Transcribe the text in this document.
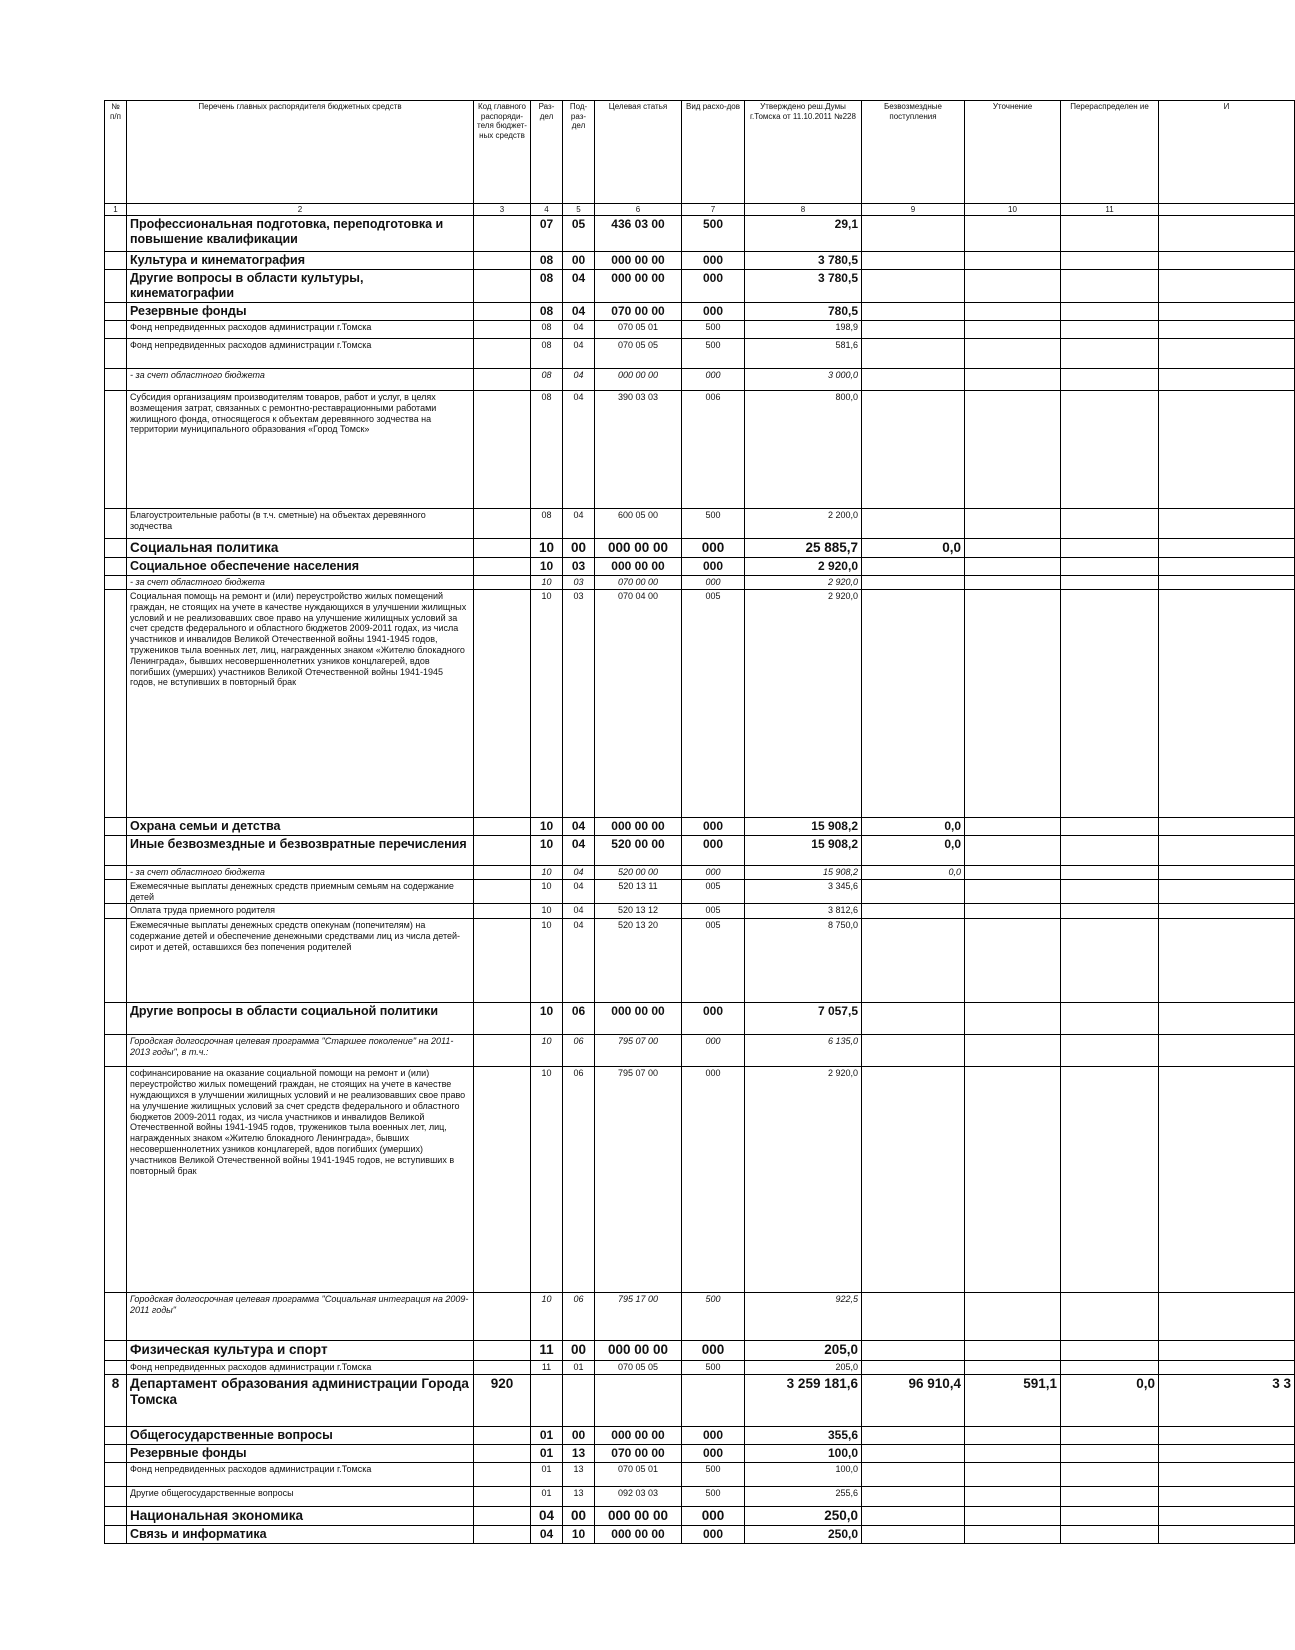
№ п/п	Перечень главных распорядителя бюджетных средств	Код главного распоряди-теля бюджет-ных средств	Раз-дел	Под-раз-дел	Целевая статья	Вид расхо-дов	Утверждено реш.Думы г.Томска от 11.10.2011 №228	Безвозмездные поступления	Уточнение	Перераспределен ие	И
1	2	3	4	5	6	7	8	9	10	11	
	Профессиональная подготовка, переподготовка и повышение квалификации		07	05	436 03 00	500	29,1				
	Культура и кинематография		08	00	000 00 00	000	3 780,5				
	Другие вопросы в области культуры, кинематографии		08	04	000 00 00	000	3 780,5				
	Резервные фонды		08	04	070 00 00	000	780,5				
	Фонд непредвиденных расходов администрации г.Томска		08	04	070 05 01	500	198,9				
	Фонд непредвиденных расходов администрации г.Томска		08	04	070 05 05	500	581,6				
	- за счет областного бюджета		08	04	000 00 00	000	3 000,0				
	Субсидия организациям производителям товаров, работ и услуг, в целях возмещения затрат, связанных с ремонтно-реставрационными работами жилищного фонда, относящегося к объектам деревянного зодчества на территории муниципального образования «Город Томск»		08	04	390 03 03	006	800,0				
	Благоустроительные работы (в т.ч. сметные) на объектах деревянного зодчества		08	04	600 05 00	500	2 200,0				
	Социальная политика		10	00	000 00 00	000	25 885,7	0,0			
	Социальное обеспечение населения		10	03	000 00 00	000	2 920,0				
	- за счет областного бюджета		10	03	070 00 00	000	2 920,0				
	Социальная помощь на ремонт и (или) переустройство жилых помещений граждан, не стоящих на учете в качестве нуждающихся в улучшении жилищных условий и не реализовавших свое право на улучшение жилищных условий за счет средств федерального и областного бюджетов 2009-2011 годах, из числа участников и инвалидов Великой Отечественной войны 1941-1945 годов, тружеников тыла военных лет, лиц, награжденных знаком «Жителю блокадного Ленинграда», бывших несовершеннолетних узников концлагерей, вдов погибших (умерших) участников Великой Отечественной войны 1941-1945 годов, не вступивших в повторный брак		10	03	070 04 00	005	2 920,0				
	Охрана семьи и детства		10	04	000 00 00	000	15 908,2	0,0			
	Иные безвозмездные и безвозвратные перечисления		10	04	520 00 00	000	15 908,2	0,0			
	- за счет областного бюджета		10	04	520 00 00	000	15 908,2	0,0			
	Ежемесячные выплаты денежных средств приемным семьям на содержание детей		10	04	520 13 11	005	3 345,6				
	Оплата труда приемного родителя		10	04	520 13 12	005	3 812,6				
	Ежемесячные выплаты денежных средств опекунам (попечителям) на содержание детей и обеспечение денежными средствами лиц из числа детей-сирот и детей, оставшихся без попечения родителей		10	04	520 13 20	005	8 750,0				
	Другие вопросы в области социальной политики		10	06	000 00 00	000	7 057,5				
	Городская долгосрочная целевая программа "Старшее поколение" на 2011-2013 годы", в т.ч.:		10	06	795 07 00	000	6 135,0				
	софинансирование на оказание социальной помощи на ремонт и (или) переустройство жилых помещений граждан, не стоящих на учете в качестве нуждающихся в улучшении жилищных условий и не реализовавших свое право на улучшение жилищных условий за счет средств федерального и областного бюджетов 2009-2011 годах, из числа участников и инвалидов Великой Отечественной войны 1941-1945 годов, тружеников тыла военных лет, лиц, награжденных знаком «Жителю блокадного Ленинграда», бывших несовершеннолетних узников концлагерей, вдов погибших (умерших) участников Великой Отечественной войны 1941-1945 годов, не вступивших в повторный брак		10	06	795 07 00	000	2 920,0				
	Городская долгосрочная целевая программа "Социальная интеграция на 2009-2011 годы"		10	06	795 17 00	500	922,5				
	Физическая культура и спорт		11	00	000 00 00	000	205,0				
	Фонд непредвиденных расходов администрации г.Томска		11	01	070 05 05	500	205,0				
8	Департамент образования администрации Города Томска	920					3 259 181,6	96 910,4	591,1	0,0	3 3
	Общегосударственные вопросы		01	00	000 00 00	000	355,6				
	Резервные фонды		01	13	070 00 00	000	100,0				
	Фонд непредвиденных расходов администрации г.Томска		01	13	070 05 01	500	100,0				
	Другие общегосударственные вопросы		01	13	092 03 03	500	255,6				
	Национальная экономика		04	00	000 00 00	000	250,0				
	Связь и информатика		04	10	000 00 00	000	250,0				
